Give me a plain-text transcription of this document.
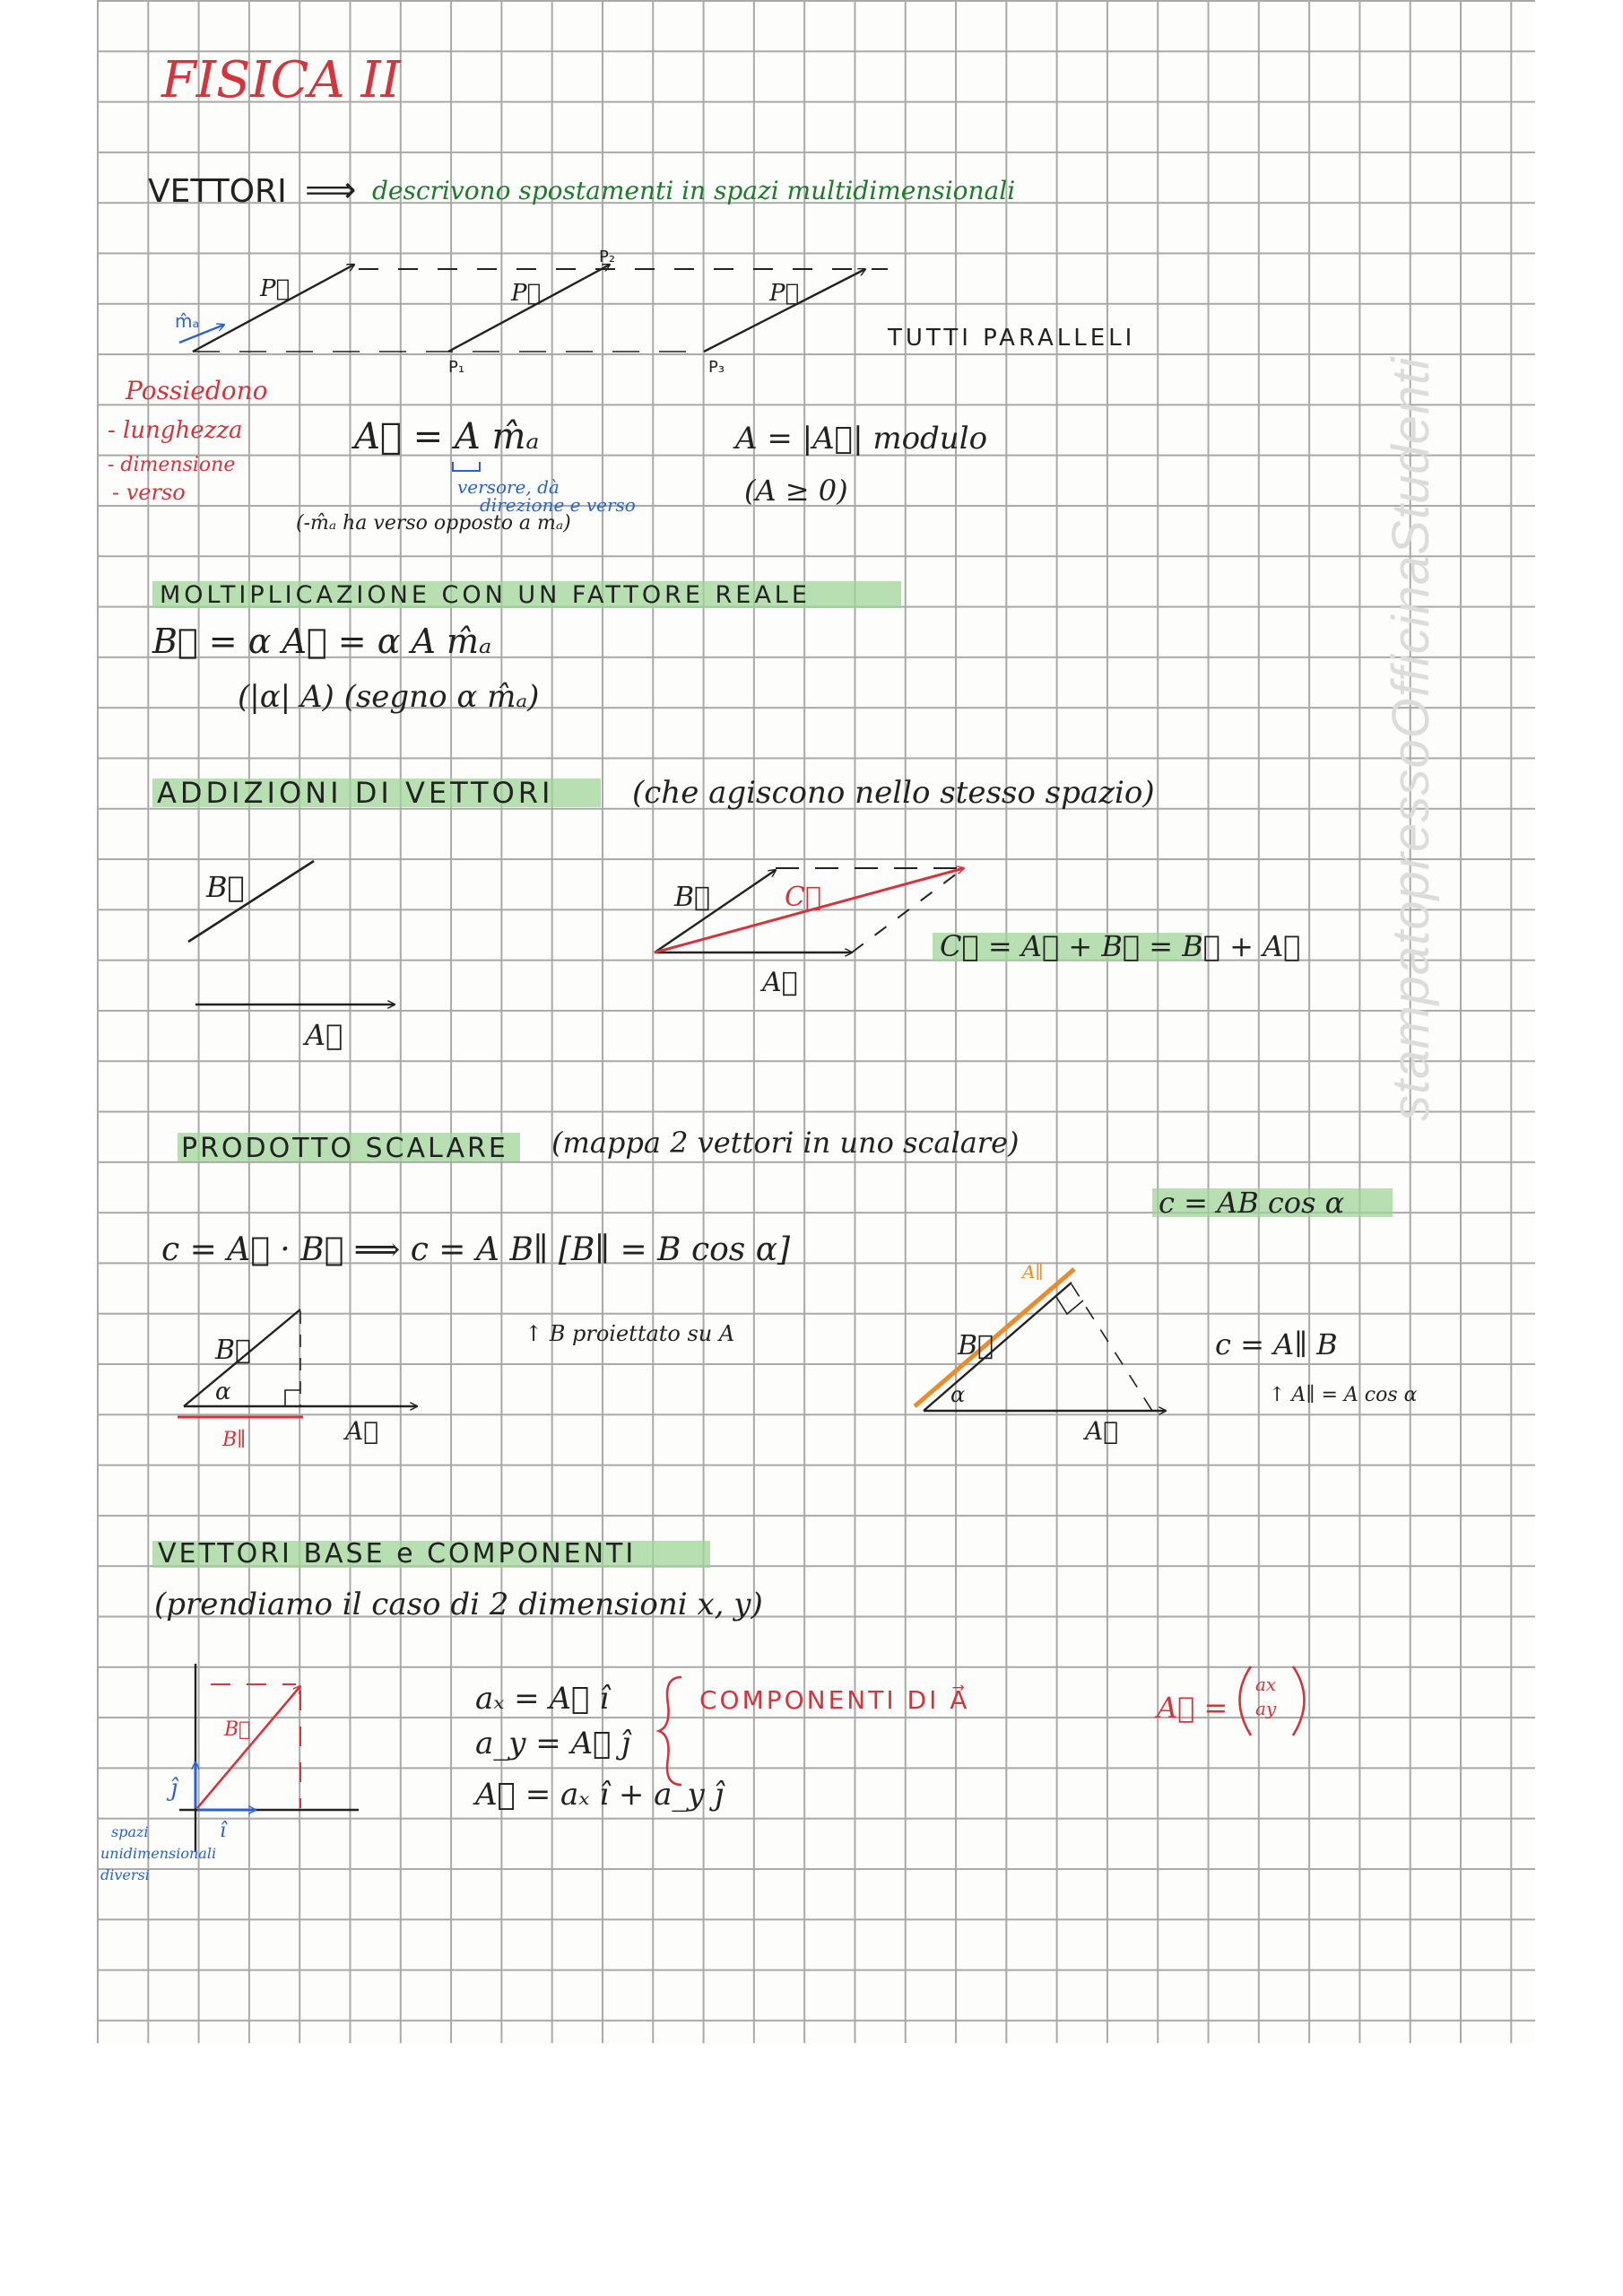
FISICA II
VETTORI ⟹ descrivono spostamenti in spazi multidimensionali
m̂ₐ
P⃗	P⃗	P⃗
P₁
P₂
P₃
TUTTI PARALLELI
Possiedono
- lunghezza
- dimensione
- verso
A⃗ = A m̂ₐ
versore, dà
direzione e verso
(-m̂ₐ ha verso opposto a mₐ)
A = |A⃗| modulo
(A ≥ 0)
MOLTIPLICAZIONE CON UN FATTORE REALE
B⃗ = α A⃗ = α A m̂ₐ
(|α| A) (segno α m̂ₐ)
ADDIZIONI DI VETTORI	(che agiscono nello stesso spazio)
B⃗
A⃗
B⃗	C⃗
A⃗
C⃗ = A⃗ + B⃗ = B⃗ + A⃗
PRODOTTO SCALARE (mappa 2 vettori in uno scalare)
c = AB cos α
c = A⃗ · B⃗ ⟹ c = A B∥ [B∥ = B cos α]
↑ B proiettato su A
B⃗
α
A⃗
B∥
A∥
B⃗
α
A⃗
c = A∥ B
↑ A∥ = A cos α
VETTORI BASE e COMPONENTI
(prendiamo il caso di 2 dimensioni x, y)
B⃗
ĵ
î
spazi
unidimensionali
diversi
aₓ = A⃗ î
a_y = A⃗ ĵ
A⃗ = aₓ î + a_y ĵ
COMPONENTI DI A⃗	A⃗ =
ax
ay
stampatopressoOfficinaStudenti
